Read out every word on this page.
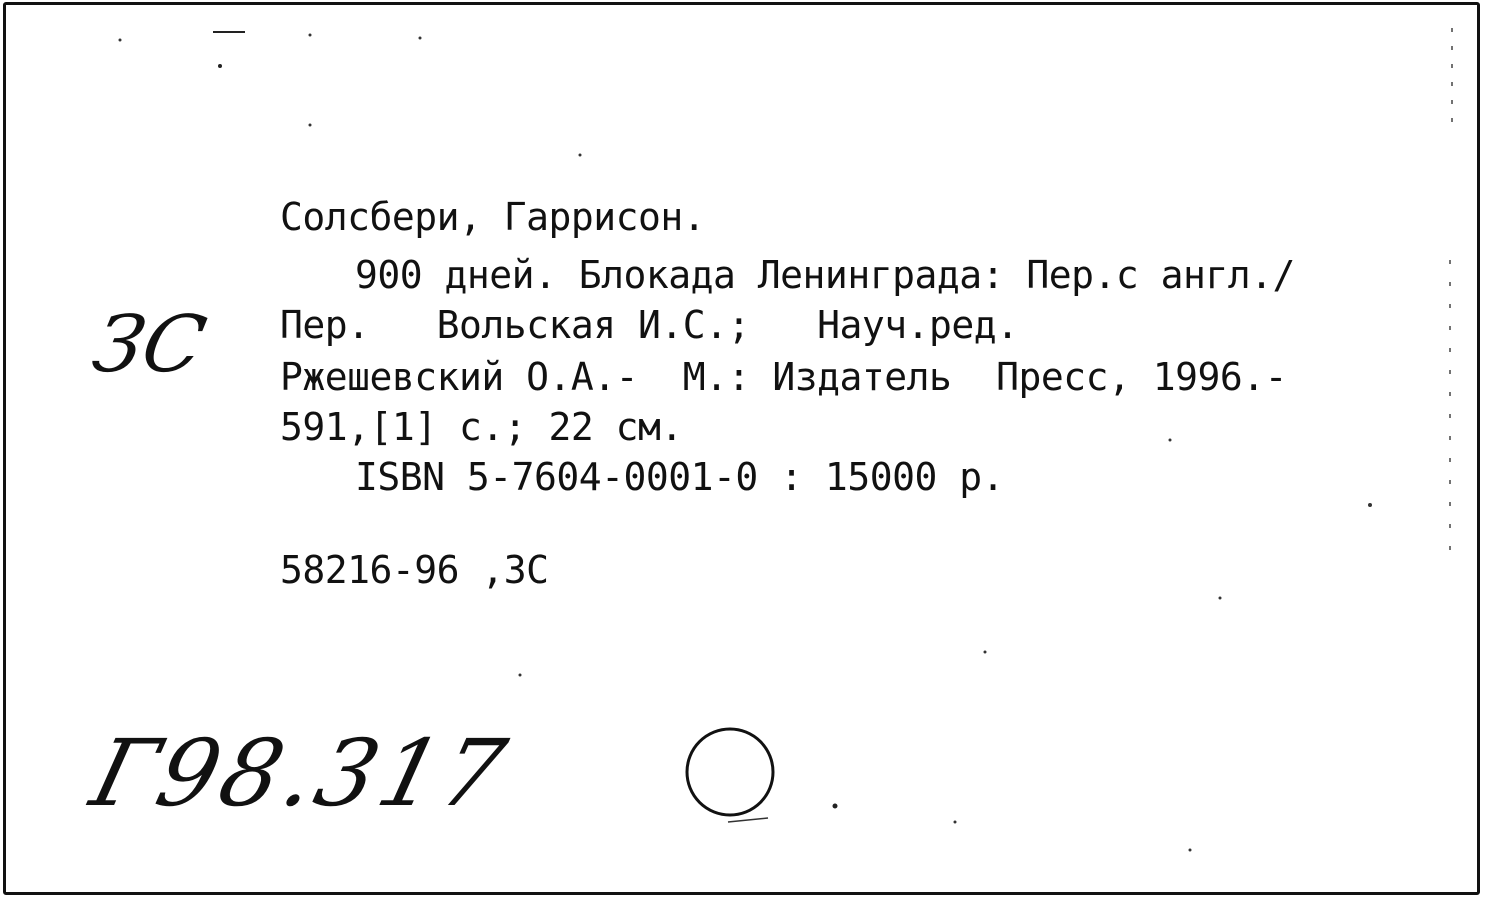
Солсбери, Гаррисон.
900 дней. Блокада Ленинграда: Пер.с англ./
Пер.   Вольская И.С.;   Науч.ред.
Ржешевский О.А.-  М.: Издатель  Пресс, 1996.-
591,[1] с.; 22 см.
ISBN 5-7604-0001-0 : 15000 р.
58216-96 ,ЗС
ЗС
Г98.317
